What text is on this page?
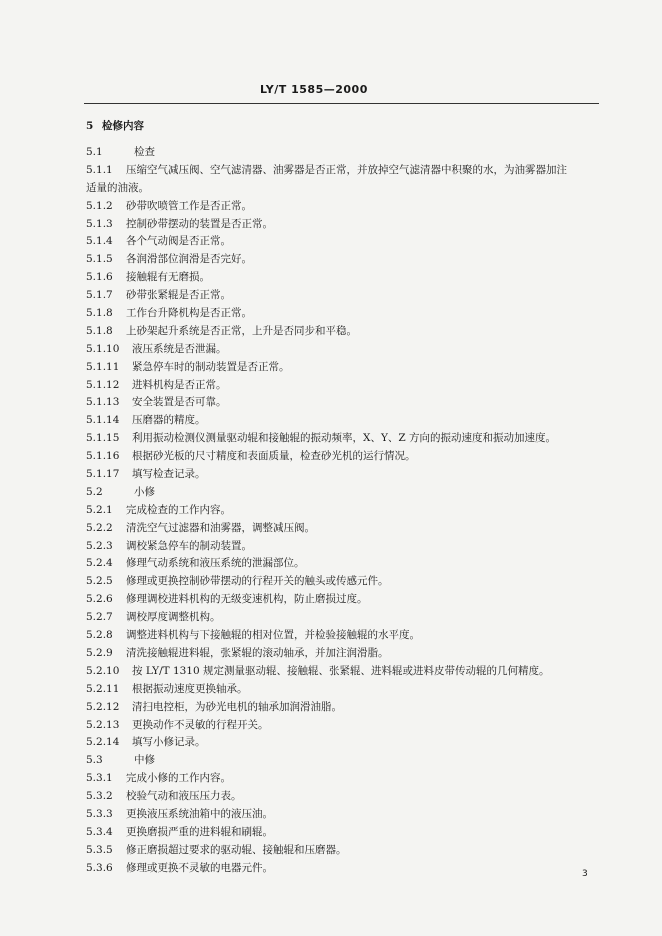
LY/T 1585—2000
5 检修内容
5.1	检查
5.1.1 压缩空气减压阀、空气滤清器、油雾器是否正常，并放掉空气滤清器中积聚的水，为油雾器加注
适量的油液。
5.1.2 砂带吹喷管工作是否正常。
5.1.3 控制砂带摆动的装置是否正常。
5.1.4 各个气动阀是否正常。
5.1.5 各润滑部位润滑是否完好。
5.1.6 接触辊有无磨损。
5.1.7 砂带张紧辊是否正常。
5.1.8 工作台升降机构是否正常。
5.1.8 上砂架起升系统是否正常，上升是否同步和平稳。
5.1.10 液压系统是否泄漏。
5.1.11 紧急停车时的制动装置是否正常。
5.1.12 进料机构是否正常。
5.1.13 安全装置是否可靠。
5.1.14 压磨器的精度。
5.1.15 利用振动检测仪测量驱动辊和接触辊的振动频率，X、Y、Z 方向的振动速度和振动加速度。
5.1.16 根据砂光板的尺寸精度和表面质量，检查砂光机的运行情况。
5.1.17 填写检查记录。
5.2	小修
5.2.1 完成检查的工作内容。
5.2.2 清洗空气过滤器和油雾器，调整减压阀。
5.2.3 调校紧急停车的制动装置。
5.2.4 修理气动系统和液压系统的泄漏部位。
5.2.5 修理或更换控制砂带摆动的行程开关的触头或传感元件。
5.2.6 修理调校进料机构的无级变速机构，防止磨损过度。
5.2.7 调校厚度调整机构。
5.2.8 调整进料机构与下接触辊的相对位置，并检验接触辊的水平度。
5.2.9 清洗接触辊进料辊，张紧辊的滚动轴承，并加注润滑脂。
5.2.10 按 LY/T 1310 规定测量驱动辊、接触辊、张紧辊、进料辊或进料皮带传动辊的几何精度。
5.2.11 根据振动速度更换轴承。
5.2.12 清扫电控柜，为砂光电机的轴承加润滑油脂。
5.2.13 更换动作不灵敏的行程开关。
5.2.14 填写小修记录。
5.3	中修
5.3.1 完成小修的工作内容。
5.3.2 校验气动和液压压力表。
5.3.3 更换液压系统油箱中的液压油。
5.3.4 更换磨损严重的进料辊和刷辊。
5.3.5 修正磨损超过要求的驱动辊、接触辊和压磨器。
5.3.6 修理或更换不灵敏的电器元件。
3
